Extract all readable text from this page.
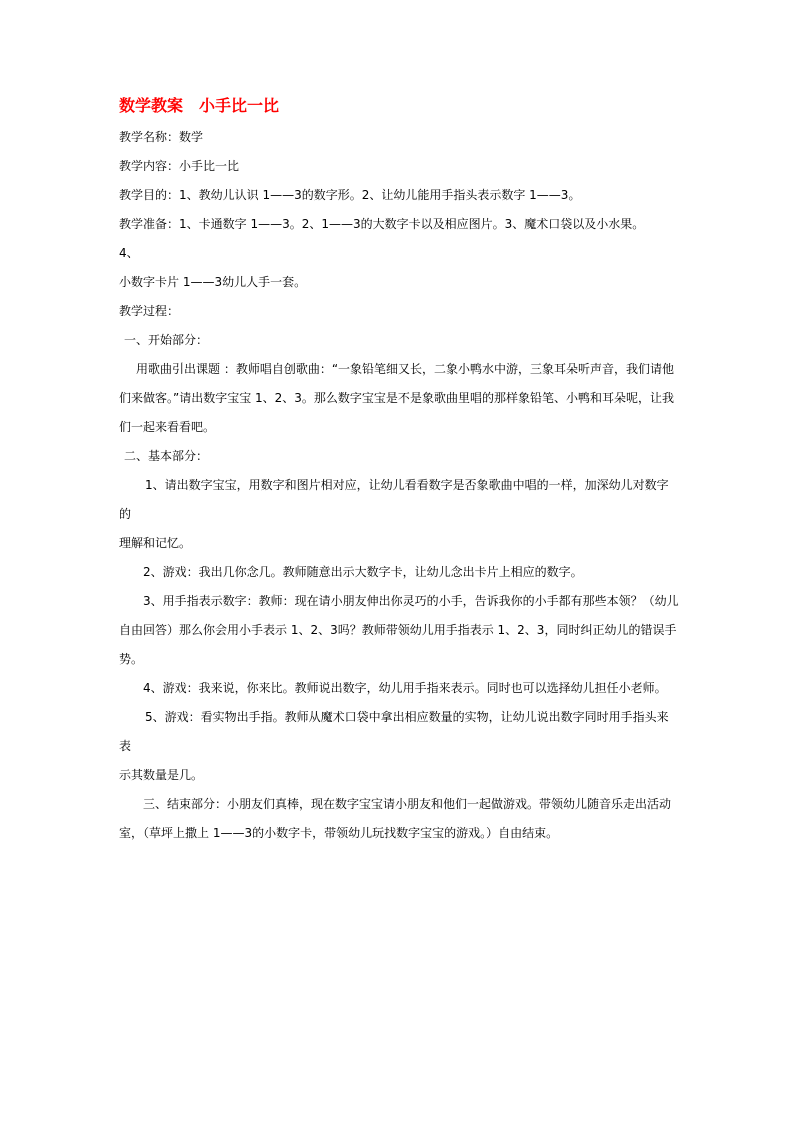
数学教案　小手比一比

教学名称：数学

教学内容：小手比一比

教学目的：1、教幼儿认识 1——3的数字形。2、让幼儿能用手指头表示数字 1——3。

教学准备：1、卡通数字 1——3。2、1——3的大数字卡以及相应图片。3、魔术口袋以及小水果。　  4、

小数字卡片 1——3幼儿人手一套。

教学过程：

一、开始部分：

用歌曲引出课题 ：教师唱自创歌曲：“一象铅笔细又长，二象小鸭水中游，三象耳朵听声音，我们请他

们来做客。”请出数字宝宝 1、2、3。那么数字宝宝是不是象歌曲里唱的那样象铅笔、小鸭和耳朵呢，让我

们一起来看看吧。

二、基本部分：

1、请出数字宝宝，用数字和图片相对应，让幼儿看看数字是否象歌曲中唱的一样，加深幼儿对数字的

理解和记忆。

2、游戏：我出几你念几。教师随意出示大数字卡，让幼儿念出卡片上相应的数字。

3、用手指表示数字：教师：现在请小朋友伸出你灵巧的小手，告诉我你的小手都有那些本领？（幼儿

自由回答）那么你会用小手表示 1、2、3吗？教师带领幼儿用手指表示 1、2、3，同时纠正幼儿的错误手

势。

4、游戏：我来说，你来比。教师说出数字，幼儿用手指来表示。同时也可以选择幼儿担任小老师。

5、游戏：看实物出手指。教师从魔术口袋中拿出相应数量的实物，让幼儿说出数字同时用手指头来表

示其数量是几。

三、结束部分：小朋友们真棒，现在数字宝宝请小朋友和他们一起做游戏。带领幼儿随音乐走出活动

室，（草坪上撒上 1——3的小数字卡，带领幼儿玩找数字宝宝的游戏。）自由结束。
